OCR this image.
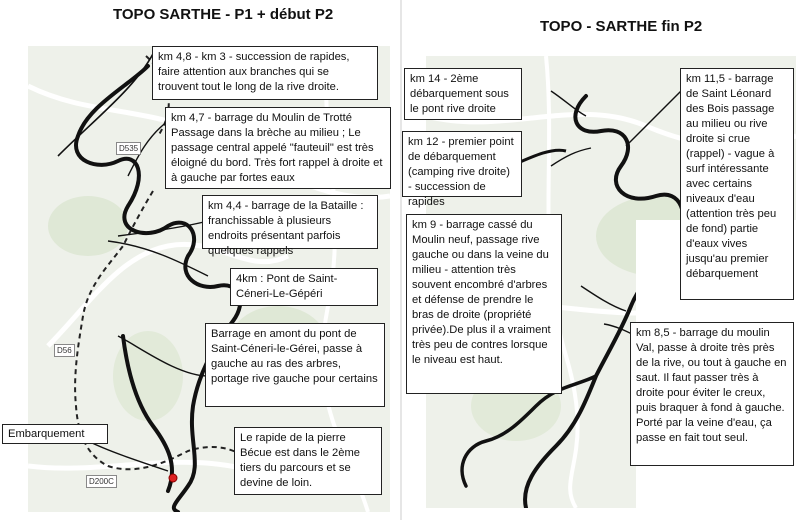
TOPO SARTHE - P1 + début P2
D535
D56
D200C
km 4,8 - km 3 - succession de rapides, faire attention aux branches qui se trouvent tout le long de la rive droite.
km 4,7 - barrage du Moulin de Trotté Passage dans la brèche au milieu ; Le passage central appelé "fauteuil" est très éloigné du bord. Très fort rappel à droite et à gauche par fortes eaux
km 4,4 - barrage de la Bataille : franchissable à plusieurs endroits présentant parfois quelques rappels
4km : Pont de Saint-Céneri-Le-Gépéri
Barrage en amont du pont de Saint-Céneri-le-Gérei, passe à gauche au ras des arbres, portage rive gauche pour certains
Embarquement	Le rapide de la pierre Bécue est dans le 2ème tiers du parcours et se devine de loin.
TOPO - SARTHE fin P2
km 14 - 2ème débarquement sous le pont rive droite
km 12 - premier point de débarquement (camping rive droite) - succession de rapides
km 9 - barrage cassé du Moulin neuf, passage rive gauche ou dans la veine du milieu - attention très souvent encombré d'arbres et défense de prendre le bras de droite (propriété privée).De plus il a vraiment très peu de contres lorsque le niveau est haut.
km 11,5 - barrage de Saint Léonard des Bois passage au milieu ou rive droite si crue (rappel) - vague à surf intéressante avec certains niveaux d'eau (attention très peu de fond) partie d'eaux vives jusqu'au premier débarquement
km 8,5 - barrage du moulin Val, passe à droite très près de la rive, ou tout à gauche en saut. Il faut passer très à droite pour éviter le creux, puis braquer à fond à gauche. Porté par la veine d'eau, ça passe en fait tout seul.
